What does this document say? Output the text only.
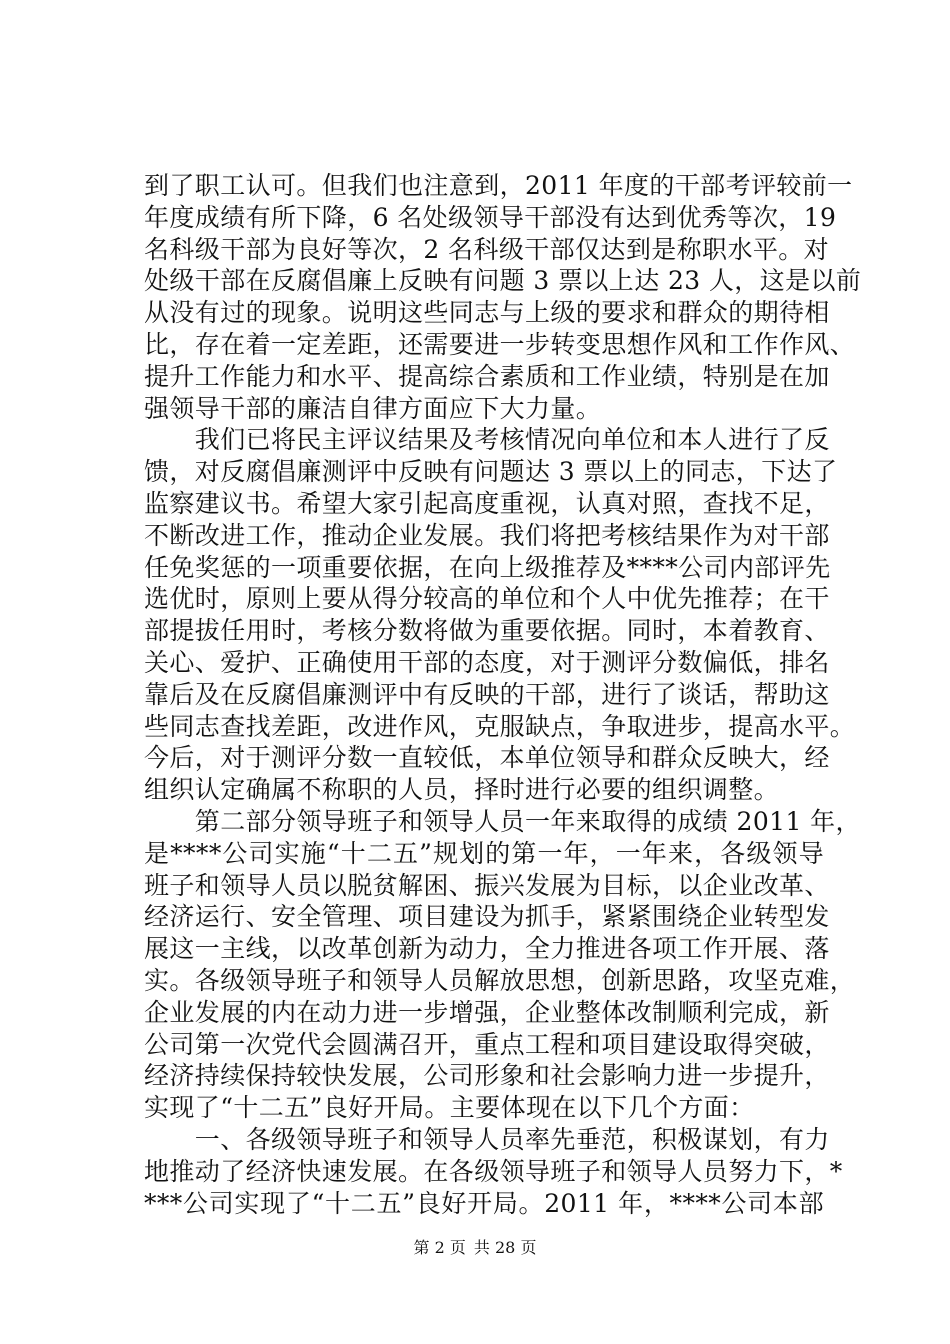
到了职工认可。但我们也注意到，2011 年度的干部考评较前一
年度成绩有所下降，6 名处级领导干部没有达到优秀等次，19
名科级干部为良好等次，2 名科级干部仅达到是称职水平。对
处级干部在反腐倡廉上反映有问题 3 票以上达 23 人，这是以前
从没有过的现象。说明这些同志与上级的要求和群众的期待相
比，存在着一定差距，还需要进一步转变思想作风和工作作风、
提升工作能力和水平、提高综合素质和工作业绩，特别是在加
强领导干部的廉洁自律方面应下大力量。
　　我们已将民主评议结果及考核情况向单位和本人进行了反
馈，对反腐倡廉测评中反映有问题达 3 票以上的同志，下达了
监察建议书。希望大家引起高度重视，认真对照，查找不足，
不断改进工作，推动企业发展。我们将把考核结果作为对干部
任免奖惩的一项重要依据，在向上级推荐及****公司内部评先
选优时，原则上要从得分较高的单位和个人中优先推荐；在干
部提拔任用时，考核分数将做为重要依据。同时，本着教育、
关心、爱护、正确使用干部的态度，对于测评分数偏低，排名
靠后及在反腐倡廉测评中有反映的干部，进行了谈话，帮助这
些同志查找差距，改进作风，克服缺点，争取进步，提高水平。
今后，对于测评分数一直较低，本单位领导和群众反映大，经
组织认定确属不称职的人员，择时进行必要的组织调整。
　　第二部分领导班子和领导人员一年来取得的成绩 2011 年，
是****公司实施“十二五”规划的第一年，一年来，各级领导
班子和领导人员以脱贫解困、振兴发展为目标，以企业改革、
经济运行、安全管理、项目建设为抓手，紧紧围绕企业转型发
展这一主线，以改革创新为动力，全力推进各项工作开展、落
实。各级领导班子和领导人员解放思想，创新思路，攻坚克难，
企业发展的内在动力进一步增强，企业整体改制顺利完成，新
公司第一次党代会圆满召开，重点工程和项目建设取得突破，
经济持续保持较快发展，公司形象和社会影响力进一步提升，
实现了“十二五”良好开局。主要体现在以下几个方面：
　　一、各级领导班子和领导人员率先垂范，积极谋划，有力
地推动了经济快速发展。在各级领导班子和领导人员努力下，*
***公司实现了“十二五”良好开局。2011 年，****公司本部
第 2 页 共 28 页
